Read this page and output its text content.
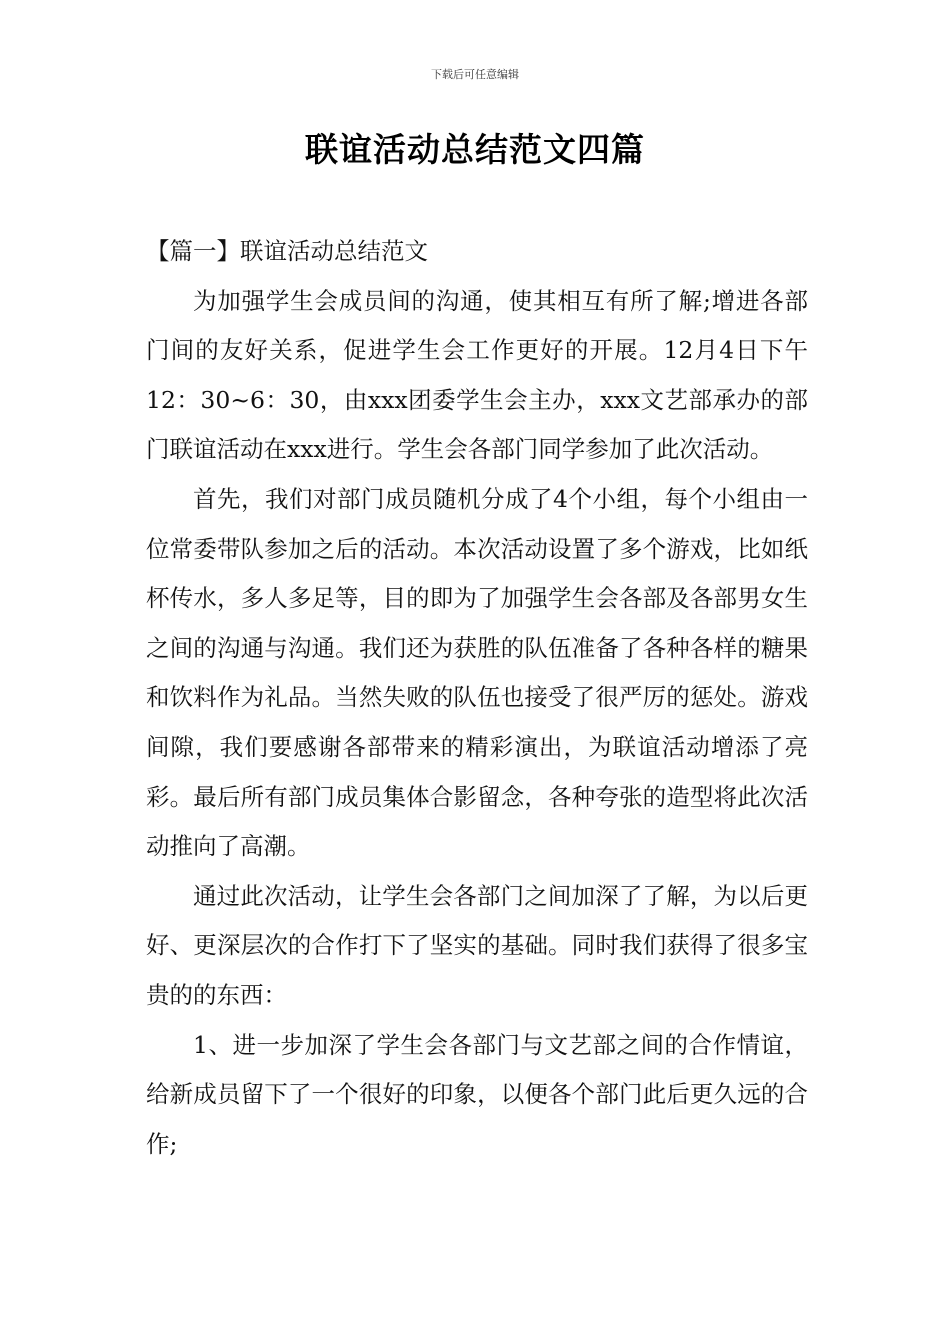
下载后可任意编辑
联谊活动总结范文四篇

【篇一】联谊活动总结范文

为加强学生会成员间的沟通，使其相互有所了解;增进各部门间的友好关系，促进学生会工作更好的开展。12月4日下午12：30~6：30，由xxx团委学生会主办，xxx文艺部承办的部门联谊活动在xxx进行。学生会各部门同学参加了此次活动。

首先，我们对部门成员随机分成了4个小组，每个小组由一位常委带队参加之后的活动。本次活动设置了多个游戏，比如纸杯传水，多人多足等，目的即为了加强学生会各部及各部男女生之间的沟通与沟通。我们还为获胜的队伍准备了各种各样的糖果和饮料作为礼品。当然失败的队伍也接受了很严厉的惩处。游戏间隙，我们要感谢各部带来的精彩演出，为联谊活动增添了亮彩。最后所有部门成员集体合影留念，各种夸张的造型将此次活动推向了高潮。

通过此次活动，让学生会各部门之间加深了了解，为以后更好、更深层次的合作打下了坚实的基础。同时我们获得了很多宝贵的的东西：

1、进一步加深了学生会各部门与文艺部之间的合作情谊，给新成员留下了一个很好的印象，以便各个部门此后更久远的合作;
